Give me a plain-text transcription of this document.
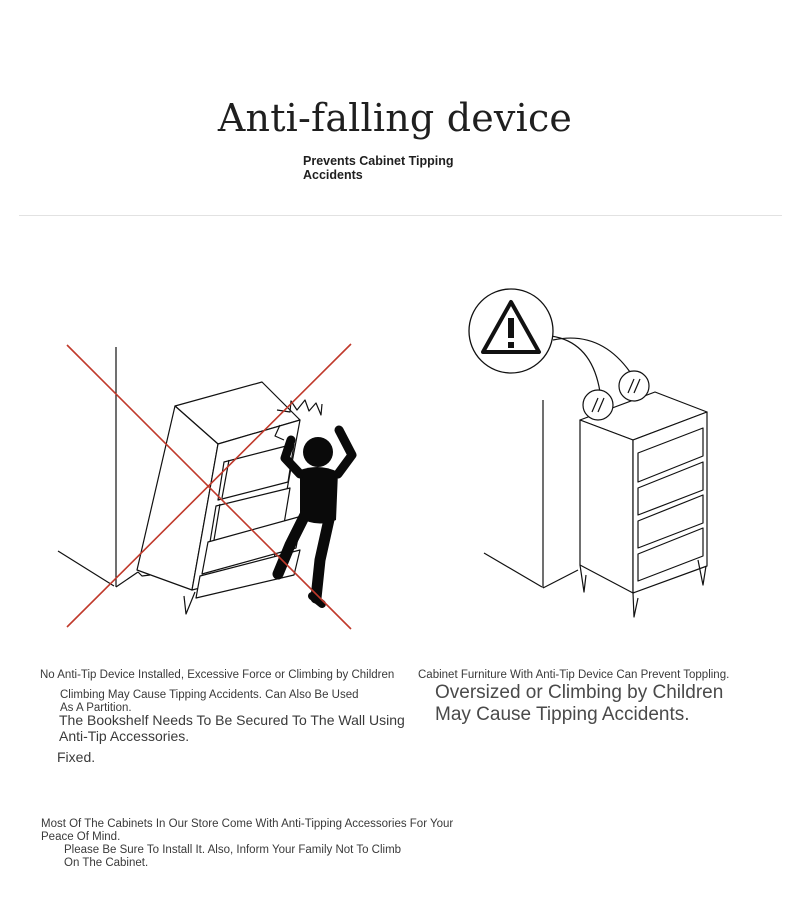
Anti-falling device
Prevents Cabinet Tipping Accidents
No Anti-Tip Device Installed, Excessive Force or Climbing by Children
Climbing May Cause Tipping Accidents. Can Also Be Used As A Partition.
The Bookshelf Needs To Be Secured To The Wall Using Anti-Tip Accessories.
Fixed.
Cabinet Furniture With Anti-Tip Device Can Prevent Toppling.
Oversized or Climbing by Children May Cause Tipping Accidents.
Most Of The Cabinets In Our Store Come With Anti-Tipping Accessories For Your Peace Of Mind.
Please Be Sure To Install It. Also, Inform Your Family Not To Climb On The Cabinet.
